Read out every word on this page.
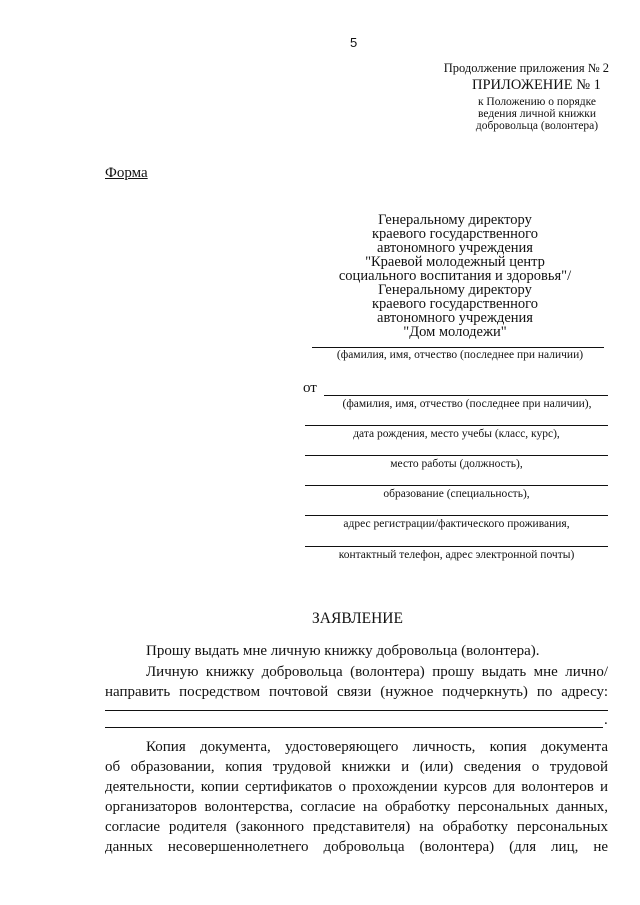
5
Продолжение приложения № 2
ПРИЛОЖЕНИЕ № 1
к Положению о порядке
ведения личной книжки
добровольца (волонтера)
Форма
Генеральному директору
краевого государственного
автономного учреждения
"Краевой молодежный центр
социального воспитания и здоровья"/
Генеральному директору
краевого государственного
автономного учреждения
"Дом молодежи"
(фамилия, имя, отчество (последнее при наличии)
от
(фамилия, имя, отчество (последнее при наличии),
дата рождения, место учебы (класс, курс),
место работы (должность),
образование (специальность),
адрес регистрации/фактического проживания,
контактный телефон, адрес электронной почты)
ЗАЯВЛЕНИЕ
Прошу выдать мне личную книжку добровольца (волонтера).
Личную книжку добровольца (волонтера) прошу выдать мне лично/
направить посредством почтовой связи (нужное подчеркнуть) по адресу:
.
Копия документа, удостоверяющего личность, копия документа
об образовании, копия трудовой книжки и (или) сведения о трудовой
деятельности, копии сертификатов о прохождении курсов для волонтеров и
организаторов волонтерства, согласие на обработку персональных данных,
согласие родителя (законного представителя) на обработку персональных
данных несовершеннолетнего добровольца (волонтера) (для лиц, не
